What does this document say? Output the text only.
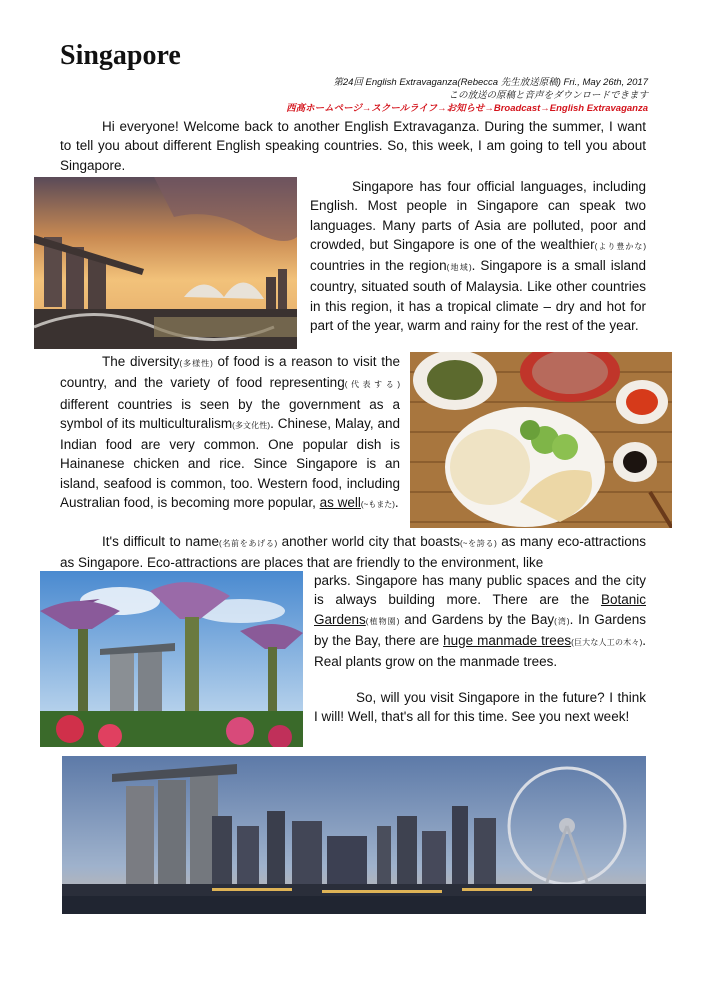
Singapore
第24回 English Extravaganza(Rebecca 先生放送原稿) Fri., May 26th, 2017
この放送の原稿と音声をダウンロードできます
西高ホームページ→スクールライフ→お知らせ→Broadcast→English Extravaganza
Hi everyone! Welcome back to another English Extravaganza. During the summer, I want to tell you about different English speaking countries. So, this week, I am going to tell you about Singapore.
Singapore has four official languages, including English. Most people in Singapore can speak two languages. Many parts of Asia are polluted, poor and crowded, but Singapore is one of the wealthier(より豊かな) countries in the region(地域). Singapore is a small island country, situated south of Malaysia. Like other countries in this region, it has a tropical climate – dry and hot for part of the year, warm and rainy for the rest of the year.
The diversity(多様性) of food is a reason to visit the country, and the variety of food representing(代表する) different countries is seen by the government as a symbol of its multiculturalism(多文化性). Chinese, Malay, and Indian food are very common. One popular dish is Hainanese chicken and rice. Since Singapore is an island, seafood is common, too. Western food, including Australian food, is becoming more popular, as well(~もまた).
It's difficult to name(名前をあげる) another world city that boasts(~を誇る) as many eco-attractions as Singapore. Eco-attractions are places that are friendly to the environment, like
parks. Singapore has many public spaces and the city is always building more. There are the Botanic Gardens(植物園) and Gardens by the Bay(湾). In Gardens by the Bay, there are huge manmade trees(巨大な人工の木々). Real plants grow on the manmade trees.
So, will you visit Singapore in the future? I think I will! Well, that's all for this time. See you next week!
